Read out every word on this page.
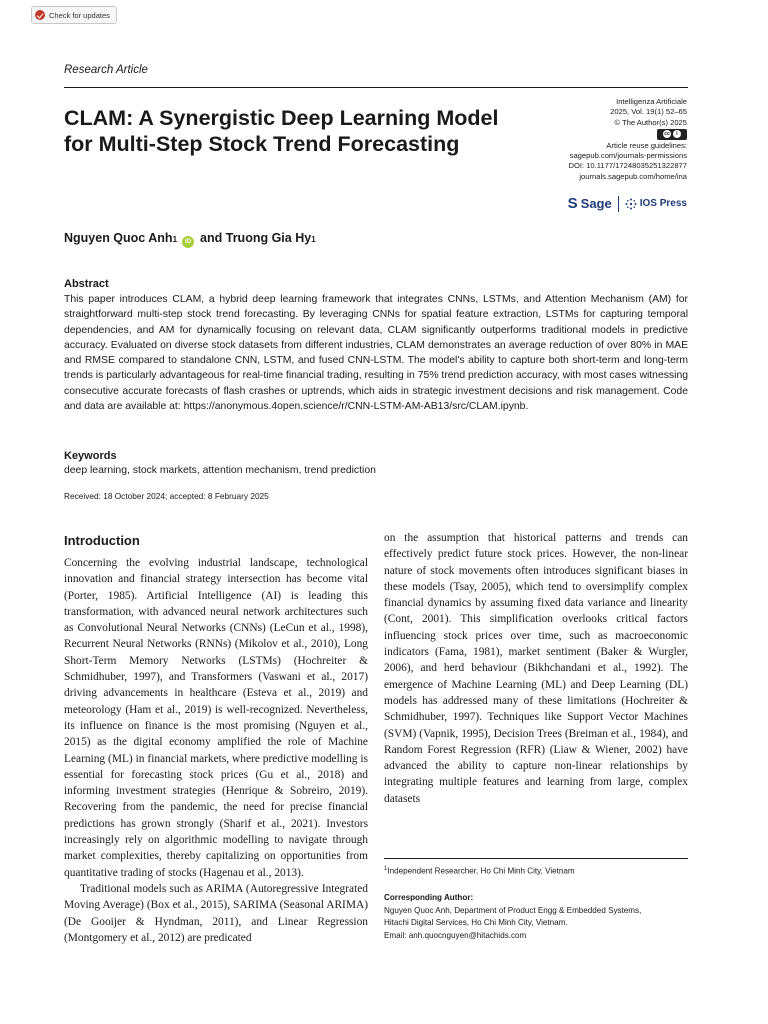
Check for updates
Research Article
CLAM: A Synergistic Deep Learning Model for Multi-Step Stock Trend Forecasting
Intelligenza Artificiale
2025, Vol. 19(1) 52–65
© The Author(s) 2025
cc	i
Article reuse guidelines:
sagepub.com/journals-permissions
DOI: 10.1177/17248035251322877
journals.sagepub.com/home/ina
S Sage	IOS Press
Nguyen Quoc Anh 1	iD and
Truong Gia Hy 1
Abstract

This paper introduces CLAM, a hybrid deep learning framework that integrates CNNs, LSTMs, and Attention Mechanism (AM) for straightforward multi-step stock trend forecasting. By leveraging CNNs for spatial feature extraction, LSTMs for capturing temporal dependencies, and AM for dynamically focusing on relevant data, CLAM significantly outperforms traditional models in predictive accuracy. Evaluated on diverse stock datasets from different industries, CLAM demonstrates an average reduction of over 80% in MAE and RMSE compared to standalone CNN, LSTM, and fused CNN-LSTM. The model's ability to capture both short-term and long-term trends is particularly advantageous for real-time financial trading, resulting in 75% trend prediction accuracy, with most cases witnessing consecutive accurate forecasts of flash crashes or uptrends, which aids in strategic investment decisions and risk management. Code and data are available at: https://anonymous.4open.science/r/CNN-LSTM-AM-AB13/src/CLAM.ipynb.

Keywords
deep learning, stock markets, attention mechanism, trend prediction
Received: 18 October 2024; accepted: 8 February 2025
Introduction

Concerning the evolving industrial landscape, technological innovation and financial strategy intersection has become vital (Porter, 1985). Artificial Intelligence (AI) is leading this transformation, with advanced neural network architectures such as Convolutional Neural Networks (CNNs) (LeCun et al., 1998), Recurrent Neural Networks (RNNs) (Mikolov et al., 2010), Long Short-Term Memory Networks (LSTMs) (Hochreiter & Schmidhuber, 1997), and Transformers (Vaswani et al., 2017) driving advancements in healthcare (Esteva et al., 2019) and meteorology (Ham et al., 2019) is well-recognized. Nevertheless, its influence on finance is the most promising (Nguyen et al., 2015) as the digital economy amplified the role of Machine Learning (ML) in financial markets, where predictive modelling is essential for forecasting stock prices (Gu et al., 2018) and informing investment strategies (Henrique & Sobreiro, 2019). Recovering from the pandemic, the need for precise financial predictions has grown strongly (Sharif et al., 2021). Investors increasingly rely on algorithmic modelling to navigate through market complexities, thereby capitalizing on opportunities from quantitative trading of stocks (Hagenau et al., 2013).

Traditional models such as ARIMA (Autoregressive Integrated Moving Average) (Box et al., 2015), SARIMA (Seasonal ARIMA) (De Gooijer & Hyndman, 2011), and Linear Regression (Montgomery et al., 2012) are predicated

on the assumption that historical patterns and trends can effectively predict future stock prices. However, the non-linear nature of stock movements often introduces significant biases in these models (Tsay, 2005), which tend to oversimplify complex financial dynamics by assuming fixed data variance and linearity (Cont, 2001). This simplification overlooks critical factors influencing stock prices over time, such as macroeconomic indicators (Fama, 1981), market sentiment (Baker & Wurgler, 2006), and herd behaviour (Bikhchandani et al., 1992). The emergence of Machine Learning (ML) and Deep Learning (DL) models has addressed many of these limitations (Hochreiter & Schmidhuber, 1997). Techniques like Support Vector Machines (SVM) (Vapnik, 1995), Decision Trees (Breiman et al., 1984), and Random Forest Regression (RFR) (Liaw & Wiener, 2002) have advanced the ability to capture non-linear relationships by integrating multiple features and learning from large, complex datasets

$^1$Independent Researcher, Ho Chi Minh City, Vietnam
Corresponding Author:
Nguyen Quoc Anh, Department of Product Engg & Embedded Systems,
Hitachi Digital Services, Ho Chi Minh City, Vietnam.
Email: anh.quocnguyen@hitachids.com
